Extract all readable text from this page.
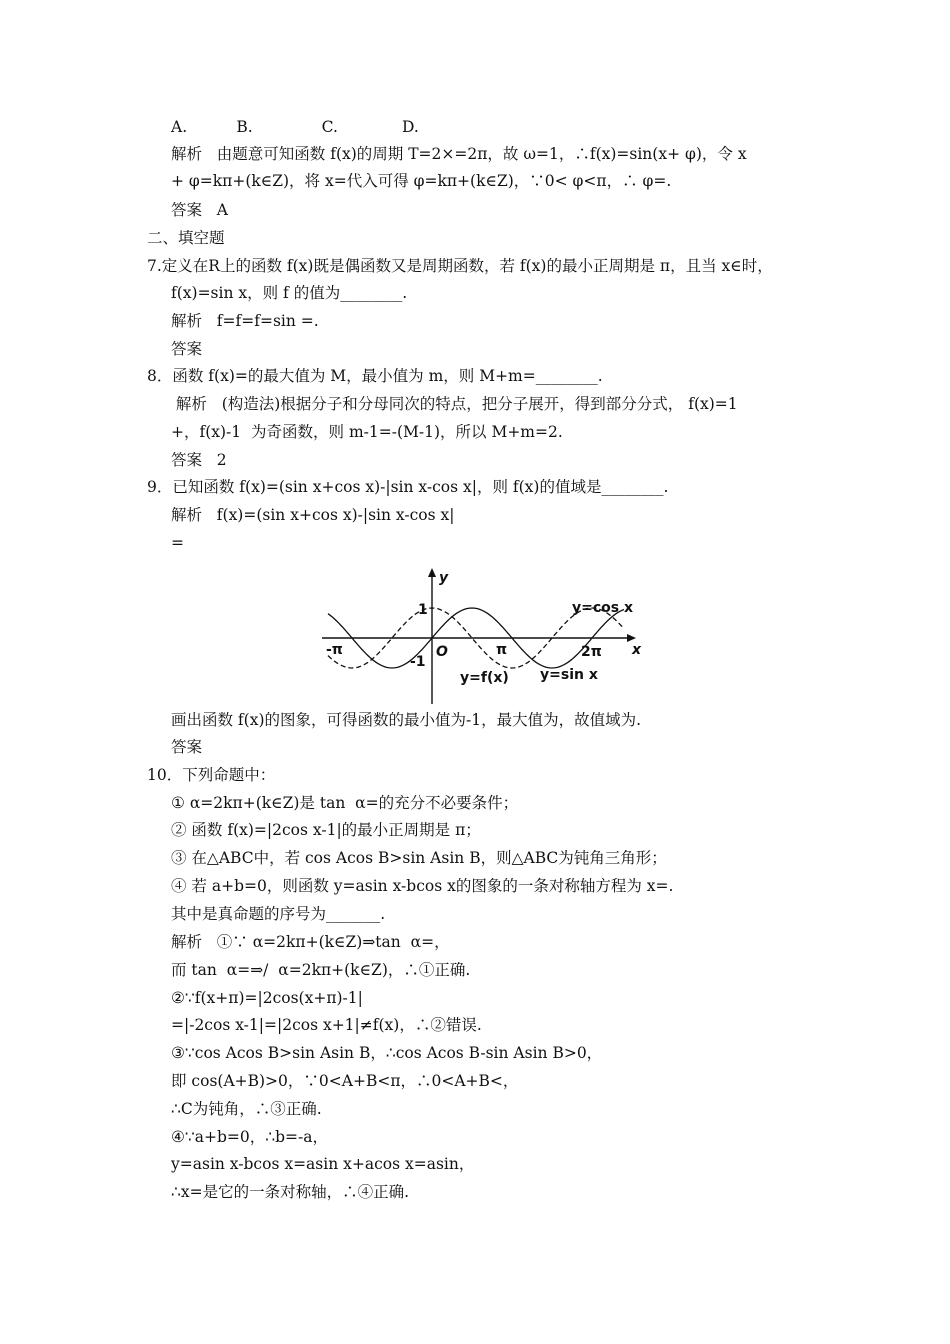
A.          B.              C.             D.
解析   由题意可知函数 f(x)的周期 T=2×=2π，故 ω=1，∴f(x)=sin(x+ φ)，令 x
+ φ=kπ+(k∈Z)，将 x=代入可得 φ=kπ+(k∈Z)，∵0< φ<π，∴ φ=.
答案   A
二、填空题
7.定义在R上的函数 f(x)既是偶函数又是周期函数，若 f(x)的最小正周期是 π，且当 x∈时，
f(x)=sin x，则 f 的值为________.
解析   f=f=f=sin =.
答案
8．函数 f(x)=的最大值为 M，最小值为 m，则 M+m=________.
解析   (构造法)根据分子和分母同次的特点，把分子展开，得到部分分式， f(x)=1
+，f(x)-1  为奇函数，则 m-1=-(M-1)，所以 M+m=2.
答案   2
9．已知函数 f(x)=(sin x+cos x)-|sin x-cos x|，则 f(x)的值域是________.
解析   f(x)=(sin x+cos x)-|sin x-cos x|
=
画出函数 f(x)的图象，可得函数的最小值为-1，最大值为，故值域为.
答案
10．下列命题中：
① α=2kπ+(k∈Z)是 tan  α=的充分不必要条件；
② 函数 f(x)=|2cos x-1|的最小正周期是 π；
③ 在△ABC中，若 cos Acos B>sin Asin B，则△ABC为钝角三角形；
④ 若 a+b=0，则函数 y=asin x-bcos x的图象的一条对称轴方程为 x=.
其中是真命题的序号为_______.
解析   ①∵ α=2kπ+(k∈Z)⇒tan  α=，
而 tan  α=⇒/  α=2kπ+(k∈Z)，∴①正确.
②∵f(x+π)=|2cos(x+π)-1|
=|-2cos x-1|=|2cos x+1|≠f(x)，∴②错误.
③∵cos Acos B>sin Asin B，∴cos Acos B-sin Asin B>0，
即 cos(A+B)>0，∵0<A+B<π，∴0<A+B<，
∴C为钝角，∴③正确.
④∵a+b=0，∴b=-a，
y=asin x-bcos x=asin x+acos x=asin，
∴x=是它的一条对称轴，∴④正确.
y
x
1
-1
O
-π	π	2π
y=cos x
y=f(x) y=sin x
